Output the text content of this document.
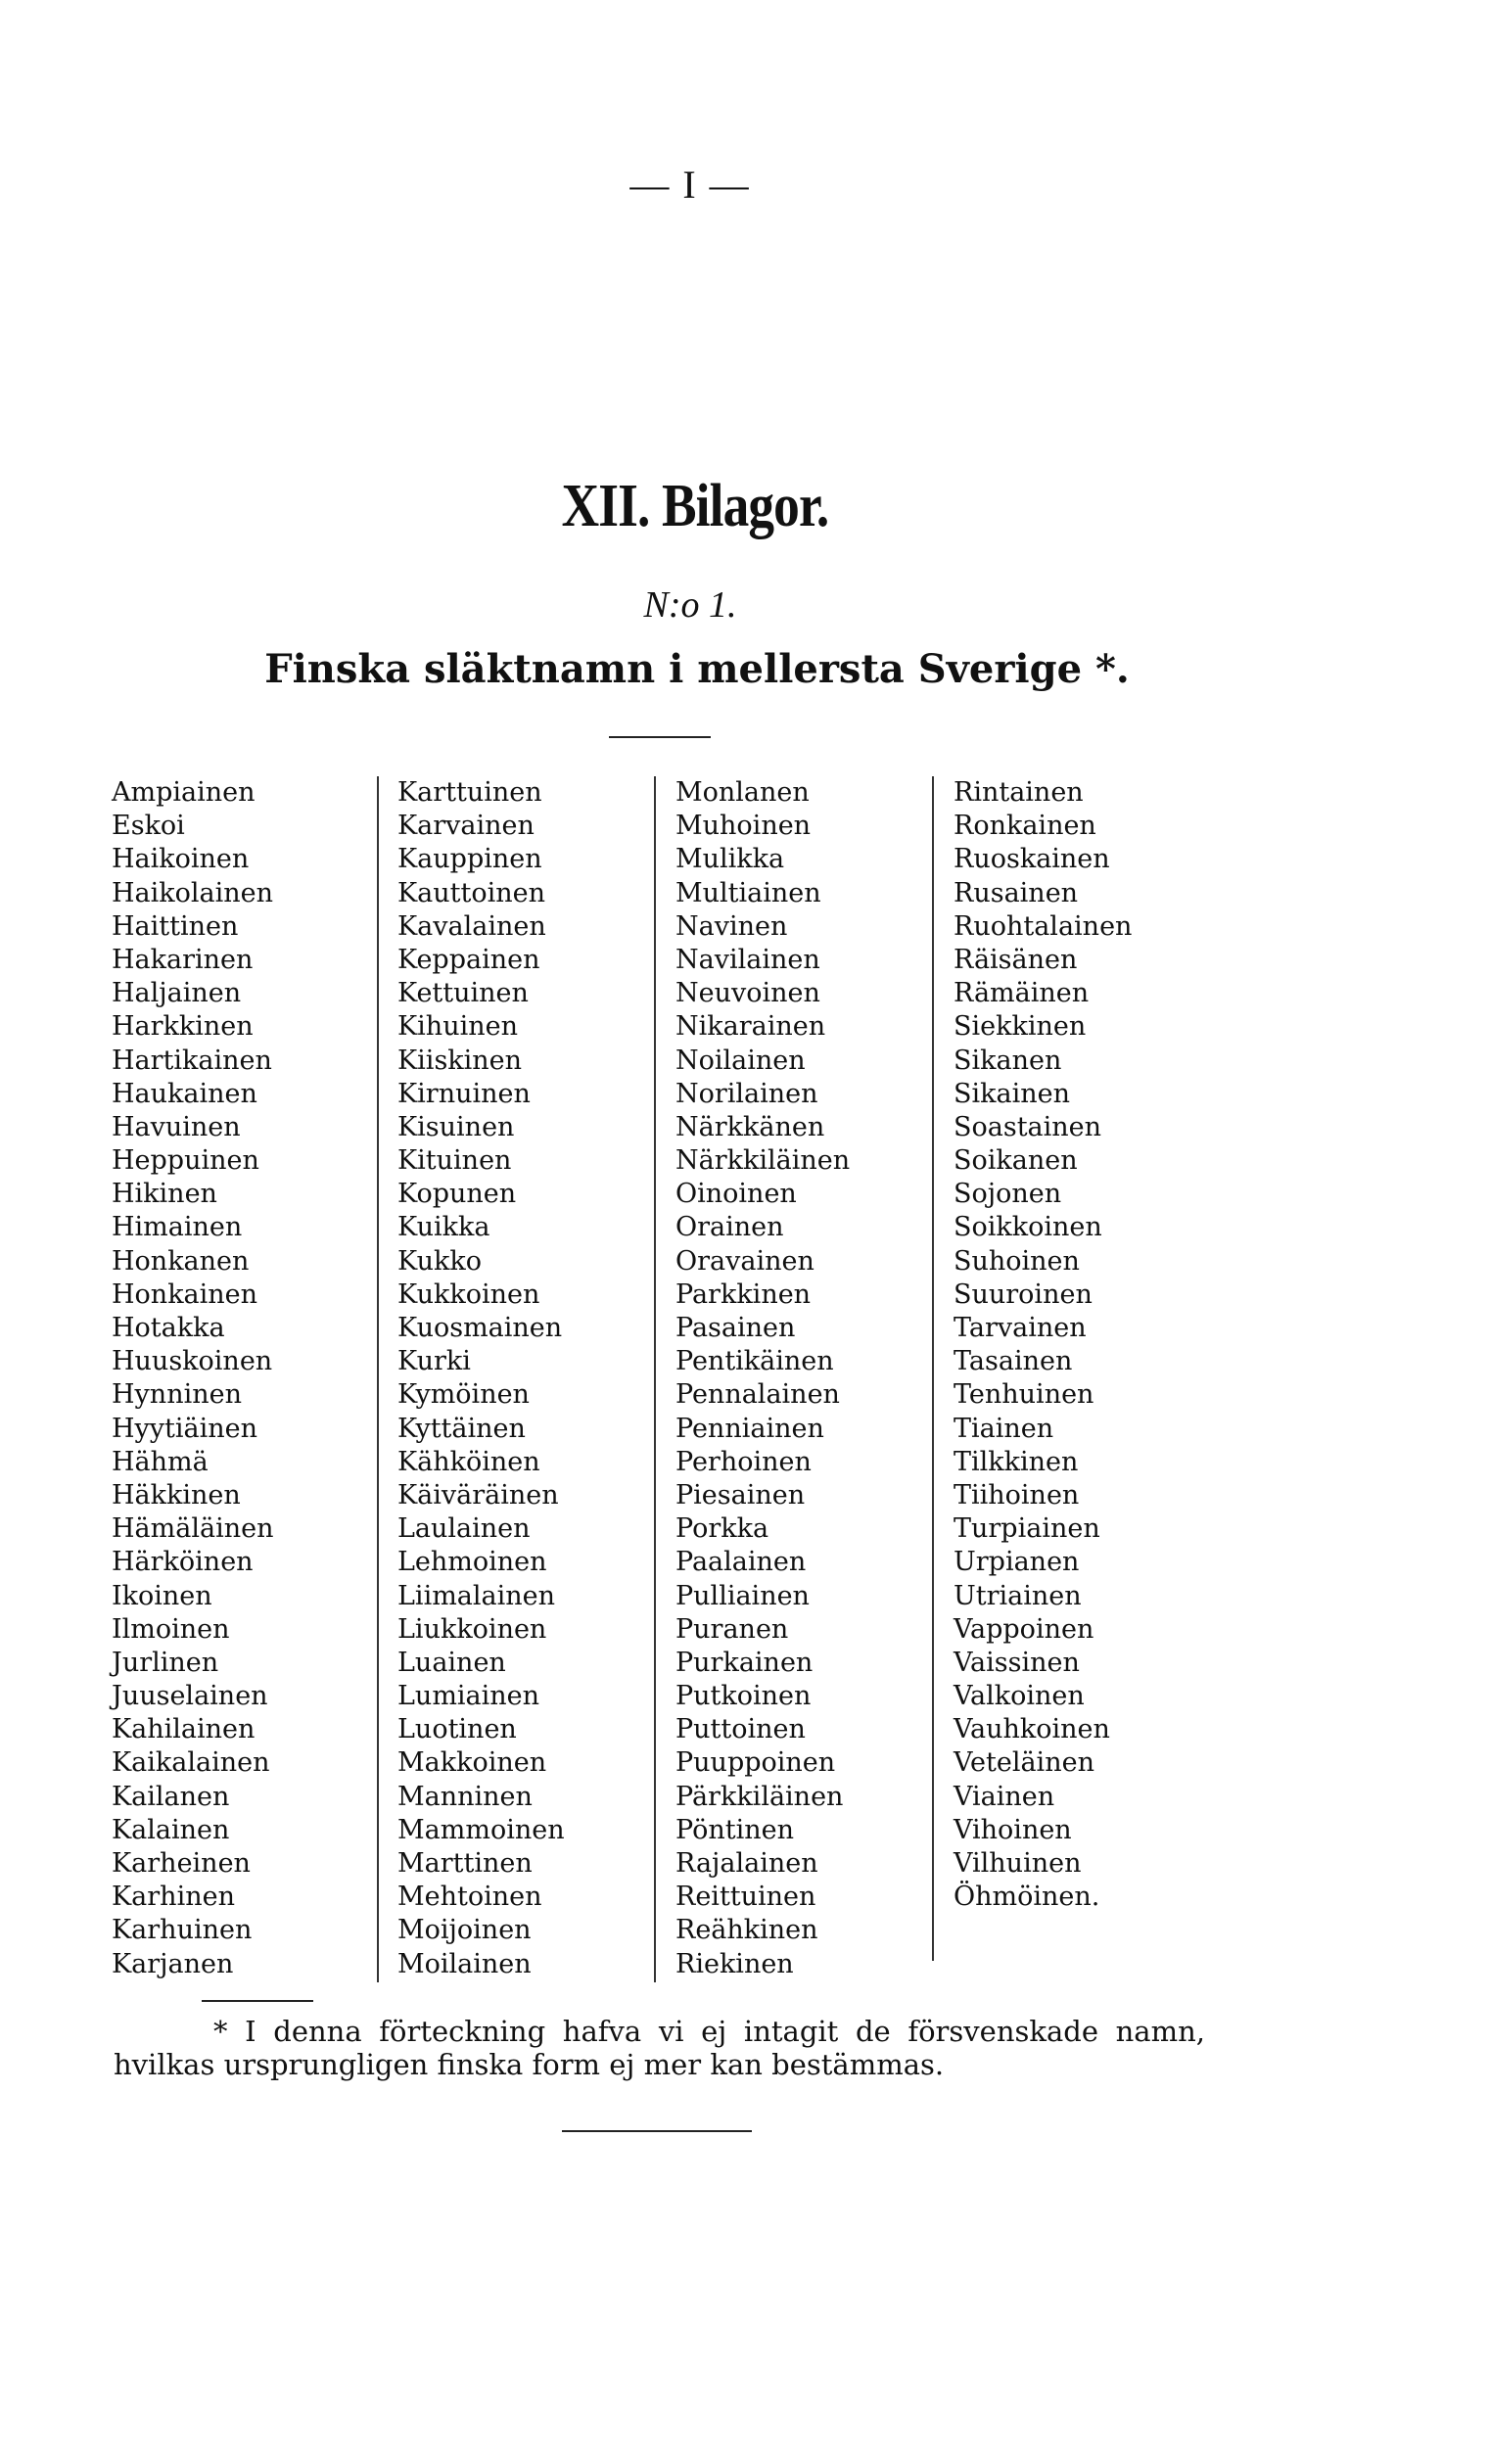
— I —
XII. Bilagor.
N:o 1.
Finska släktnamn i mellersta Sverige *.
Ampiainen
Eskoi
Haikoinen
Haikolainen
Haittinen
Hakarinen
Haljainen
Harkkinen
Hartikainen
Haukainen
Havuinen
Heppuinen
Hikinen
Himainen
Honkanen
Honkainen
Hotakka
Huuskoinen
Hynninen
Hyytiäinen
Hähmä
Häkkinen
Hämäläinen
Härköinen
Ikoinen
Ilmoinen
Jurlinen
Juuselainen
Kahilainen
Kaikalainen
Kailanen
Kalainen
Karheinen
Karhinen
Karhuinen
Karjanen
Karttuinen
Karvainen
Kauppinen
Kauttoinen
Kavalainen
Keppainen
Kettuinen
Kihuinen
Kiiskinen
Kirnuinen
Kisuinen
Kituinen
Kopunen
Kuikka
Kukko
Kukkoinen
Kuosmainen
Kurki
Kymöinen
Kyttäinen
Kähköinen
Käiväräinen
Laulainen
Lehmoinen
Liimalainen
Liukkoinen
Luainen
Lumiainen
Luotinen
Makkoinen
Manninen
Mammoinen
Marttinen
Mehtoinen
Moijoinen
Moilainen
Monlanen
Muhoinen
Mulikka
Multiainen
Navinen
Navilainen
Neuvoinen
Nikarainen
Noilainen
Norilainen
Närkkänen
Närkkiläinen
Oinoinen
Orainen
Oravainen
Parkkinen
Pasainen
Pentikäinen
Pennalainen
Penniainen
Perhoinen
Piesainen
Porkka
Paalainen
Pulliainen
Puranen
Purkainen
Putkoinen
Puttoinen
Puuppoinen
Pärkkiläinen
Pöntinen
Rajalainen
Reittuinen
Reähkinen
Riekinen
Rintainen
Ronkainen
Ruoskainen
Rusainen
Ruohtalainen
Räisänen
Rämäinen
Siekkinen
Sikanen
Sikainen
Soastainen
Soikanen
Sojonen
Soikkoinen
Suhoinen
Suuroinen
Tarvainen
Tasainen
Tenhuinen
Tiainen
Tilkkinen
Tiihoinen
Turpiainen
Urpianen
Utriainen
Vappoinen
Vaissinen
Valkoinen
Vauhkoinen
Veteläinen
Viainen
Vihoinen
Vilhuinen
Öhmöinen.
* I denna förteckning hafva vi ej intagit de försvenskade namn, hvilkas ursprungligen finska form ej mer kan bestämmas.
